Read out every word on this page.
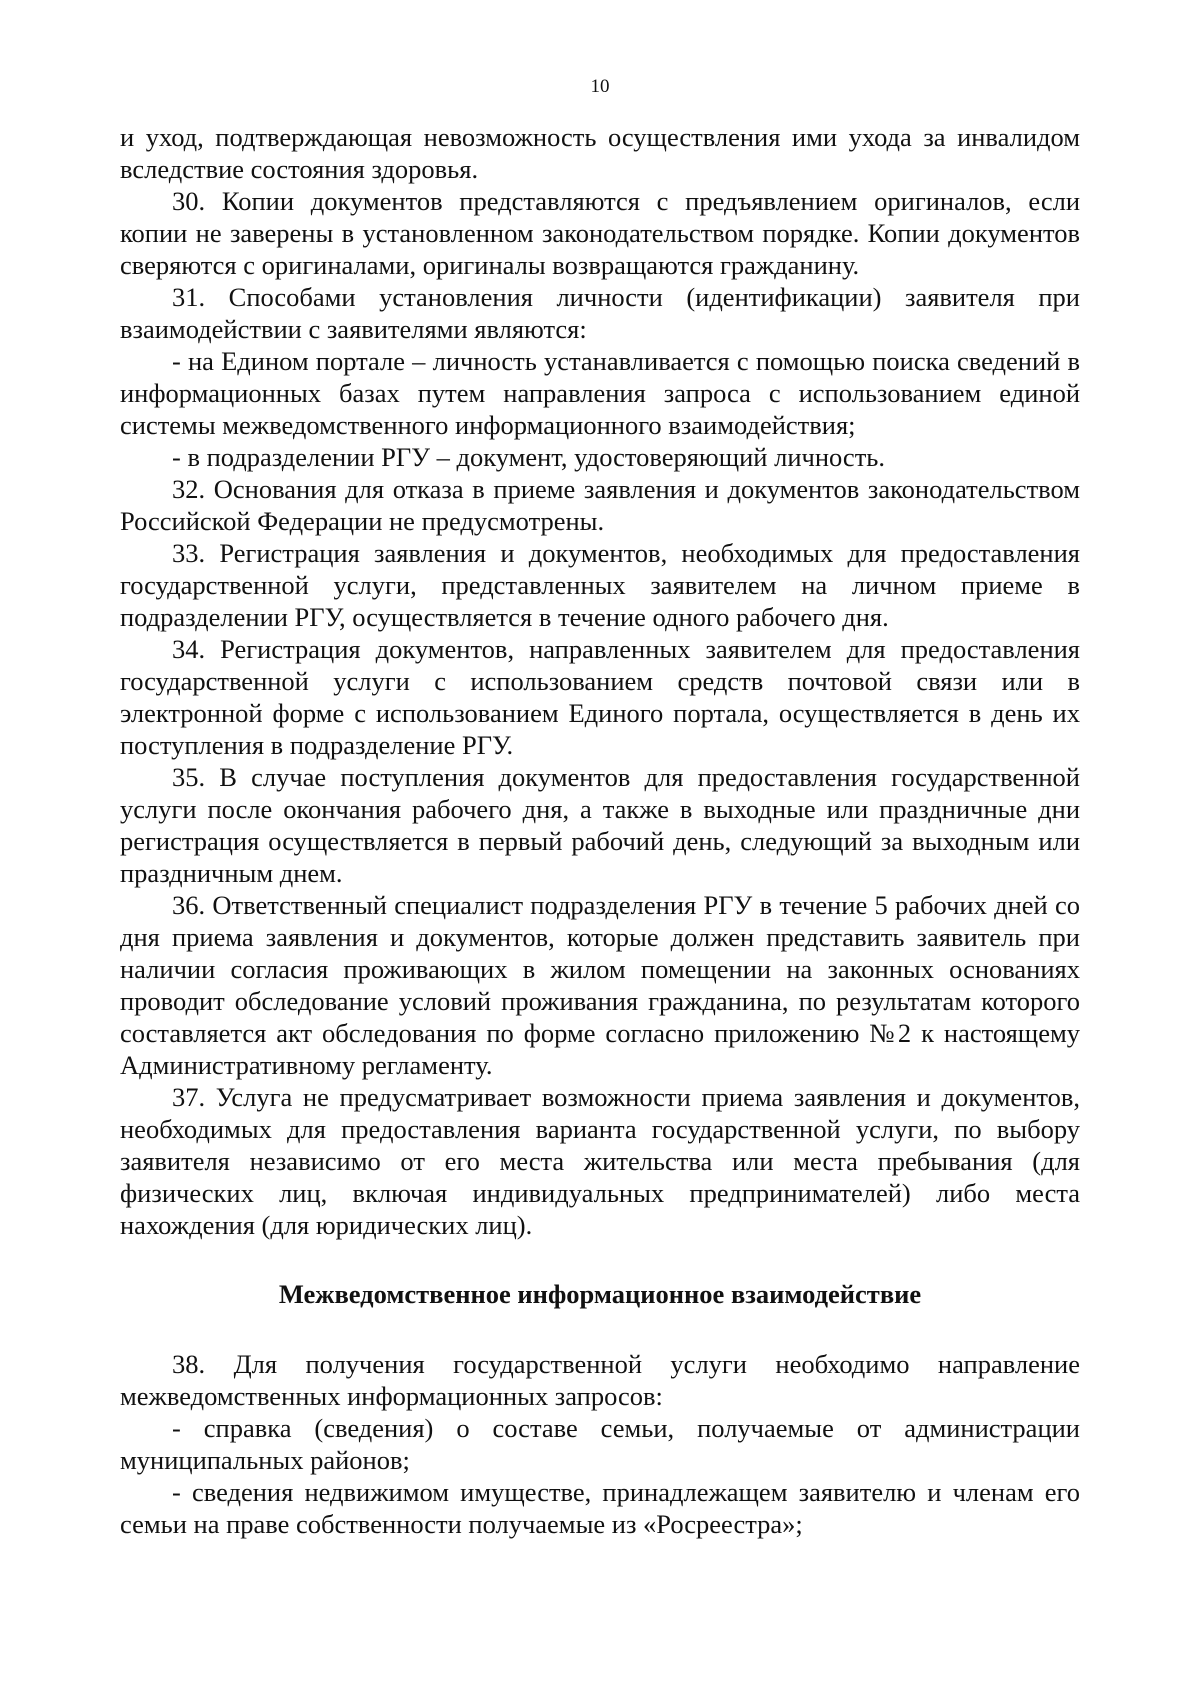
10

и уход, подтверждающая невозможность осуществления ими ухода за инвалидом вследствие состояния здоровья.

30. Копии документов представляются с предъявлением оригиналов, если копии не заверены в установленном законодательством порядке. Копии документов сверяются с оригиналами, оригиналы возвращаются гражданину.

31. Способами установления личности (идентификации) заявителя при взаимодействии с заявителями являются:

- на Едином портале – личность устанавливается с помощью поиска сведений в информационных базах путем направления запроса с использованием единой системы межведомственного информационного взаимодействия;

- в подразделении РГУ – документ, удостоверяющий личность.

32. Основания для отказа в приеме заявления и документов законодательством Российской Федерации не предусмотрены.

33. Регистрация заявления и документов, необходимых для предоставления государственной услуги, представленных заявителем на личном приеме в подразделении РГУ, осуществляется в течение одного рабочего дня.

34. Регистрация документов, направленных заявителем для предоставления государственной услуги с использованием средств почтовой связи или в электронной форме с использованием Единого портала, осуществляется в день их поступления в подразделение РГУ.

35. В случае поступления документов для предоставления государственной услуги после окончания рабочего дня, а также в выходные или праздничные дни регистрация осуществляется в первый рабочий день, следующий за выходным или праздничным днем.

36. Ответственный специалист подразделения РГУ в течение 5 рабочих дней со дня приема заявления и документов, которые должен представить заявитель при наличии согласия проживающих в жилом помещении на законных основаниях проводит обследование условий проживания гражданина, по результатам которого составляется акт обследования по форме согласно приложению №2 к настоящему Административному регламенту.

37. Услуга не предусматривает возможности приема заявления и документов, необходимых для предоставления варианта государственной услуги, по выбору заявителя независимо от его места жительства или места пребывания (для физических лиц, включая индивидуальных предпринимателей) либо места нахождения (для юридических лиц).

Межведомственное информационное взаимодействие

38. Для получения государственной услуги необходимо направление межведомственных информационных запросов:

- справка (сведения) о составе семьи, получаемые от администрации муниципальных районов;

- сведения недвижимом имуществе, принадлежащем заявителю и членам его семьи на праве собственности получаемые из «Росреестра»;
